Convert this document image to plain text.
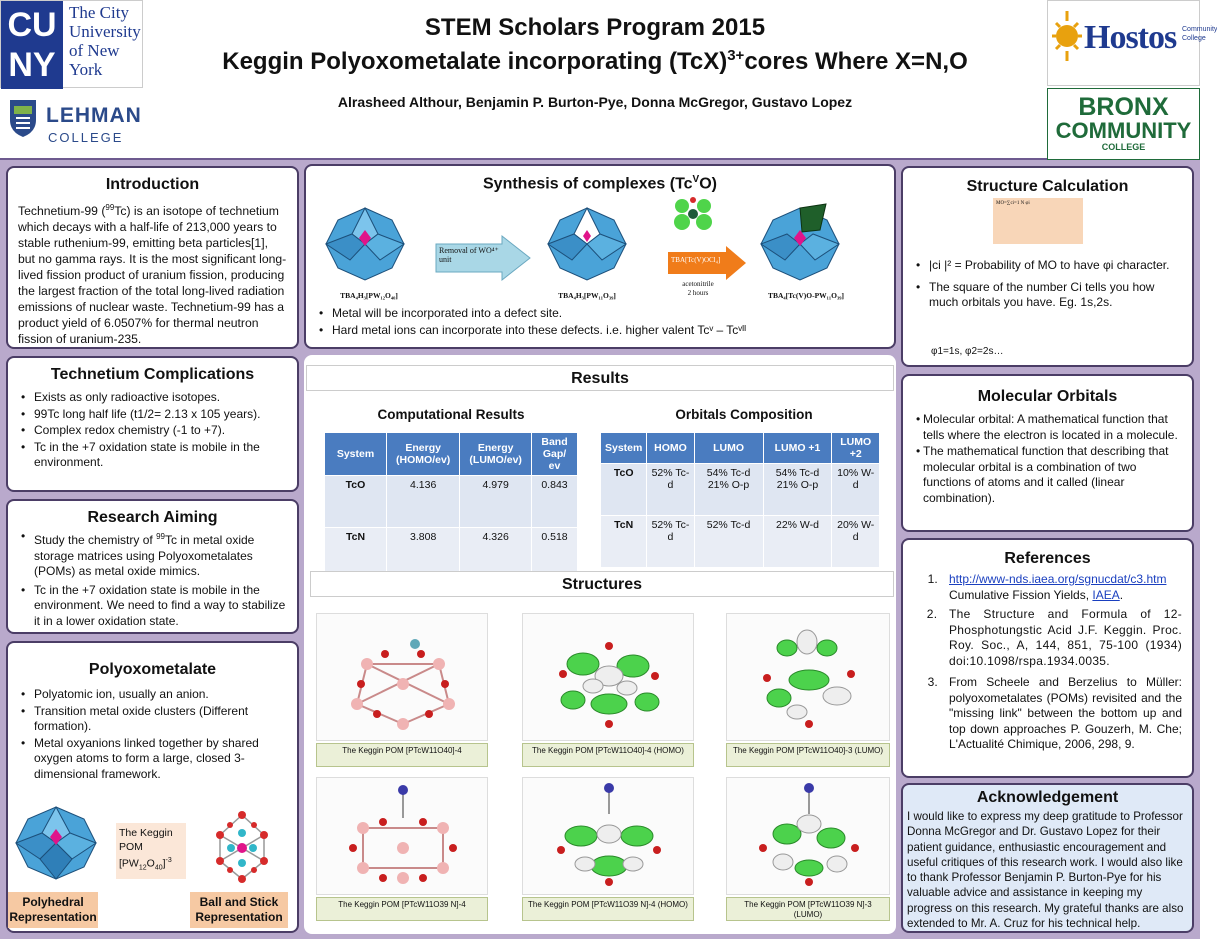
CU
NY
The City University of New York
LEHMAN
COLLEGE
STEM Scholars Program 2015
Keggin Polyoxometalate incorporating (TcX)$^{3+}$cores Where X=N,O
Alrasheed Althour, Benjamin P. Burton-Pye, Donna McGregor, Gustavo Lopez
Hostos Community College
BRONX
COMMUNITY
COLLEGE
Introduction
Technetium-99 ($^{99}$Tc) is an isotope of technetium which decays with a half-life of 213,000 years to stable ruthenium-99, emitting beta particles[1], but no gamma rays. It is the most significant long-lived fission product of uranium fission, producing the largest fraction of the total long-lived radiation emissions of nuclear waste. Technetium-99 has a product yield of 6.0507% for thermal neutron fission of uranium-235.
Technetium Complications
• Exists as only radioactive isotopes.
• 99Tc long half life (t1/2= 2.13 x 105 years).
• Complex redox chemistry (-1 to +7).
• Tc in the +7 oxidation state is mobile in the environment.
Research Aiming
• Study the chemistry of $^{99}$Tc in metal oxide storage matrices using Polyoxometalates (POMs) as metal oxide mimics.
• Tc in the +7 oxidation state is mobile in the environment. We need to find a way to stabilize it in a lower oxidation state.
Polyoxometalate
• Polyatomic ion, usually an anion.
• Transition metal oxide clusters (Different formation).
• Metal oxyanions linked together by shared oxygen atoms to form a large, closed 3-dimensional framework.
The Keggin POM
$[PW_{12}O_{40}]^{-3}$
Polyhedral Representation
Ball and Stick Representation
Synthesis of complexes $(Tc^VO)$
TBA₄H₃[PW₁₂O₄₀]
Removal of WO⁴⁺ unit
TBA₄H₃[PW₁₁O₃₉]
TBA[Tc(V)OCl₄]
acetonitrile
2 hours	TBA₄[Tc(V)O-PW₁₁O₃₉]
• Metal will be incorporated into a defect site.
• Hard metal ions can incorporate into these defects. i.e. higher valent Tcᵛ – Tcᵛᴵᴵ
Results
Computational Results	Orbitals Composition
System	Energy (HOMO/ev)	Energy (LUMO/ev)	Band Gap/ ev
TcO	4.136	4.979	0.843
TcN	3.808	4.326	0.518
System	HOMO	LUMO	LUMO +1	LUMO +2
TcO	52% Tc-d	54% Tc-d 21% O-p	54% Tc-d 21% O-p	10% W-d
TcN	52% Tc-d	52% Tc-d	22% W-d	20% W-d
Structures
The Keggin POM [PTcW11O40]-4	The Keggin POM [PTcW11O40]-4 (HOMO)	The Keggin POM [PTcW11O40]-3 (LUMO)
The Keggin POM [PTcW11O39 N]-4	The Keggin POM [PTcW11O39 N]-4 (HOMO)	The Keggin POM [PTcW11O39 N]-3 (LUMO)
Structure Calculation
MO=∑ci=1 N φi
• |ci |² = Probability of MO to have φi character.
• The square of the number Ci tells you how much orbitals you have. Eg. 1s,2s.
φ1=1s, φ2=2s…
Molecular Orbitals
• Molecular orbital: A mathematical function that tells where the electron is located in a molecule.
• The mathematical function that describing that molecular orbital is a combination of two functions of atoms and it called (linear combination).
References
1. http://www-nds.iaea.org/sgnucdat/c3.htm
Cumulative Fission Yields, IAEA.
2. The Structure and Formula of 12-Phosphotungstic Acid J.F. Keggin. Proc. Roy. Soc., A, 144, 851, 75-100 (1934) doi:10.1098/rspa.1934.0035.
3. From Scheele and Berzelius to Müller: polyoxometalates (POMs) revisited and the "missing link" between the bottom up and top down approaches P. Gouzerh, M. Che; L'Actualité Chimique, 2006, 298, 9.
Acknowledgement
I would like to express my deep gratitude to Professor Donna McGregor and Dr. Gustavo Lopez for their patient guidance, enthusiastic encouragement and useful critiques of this research work. I would also like to thank Professor Benjamin P. Burton-Pye for his valuable advice and assistance in keeping my progress on this research. My grateful thanks are also extended to Mr. A. Cruz for his technical help.
